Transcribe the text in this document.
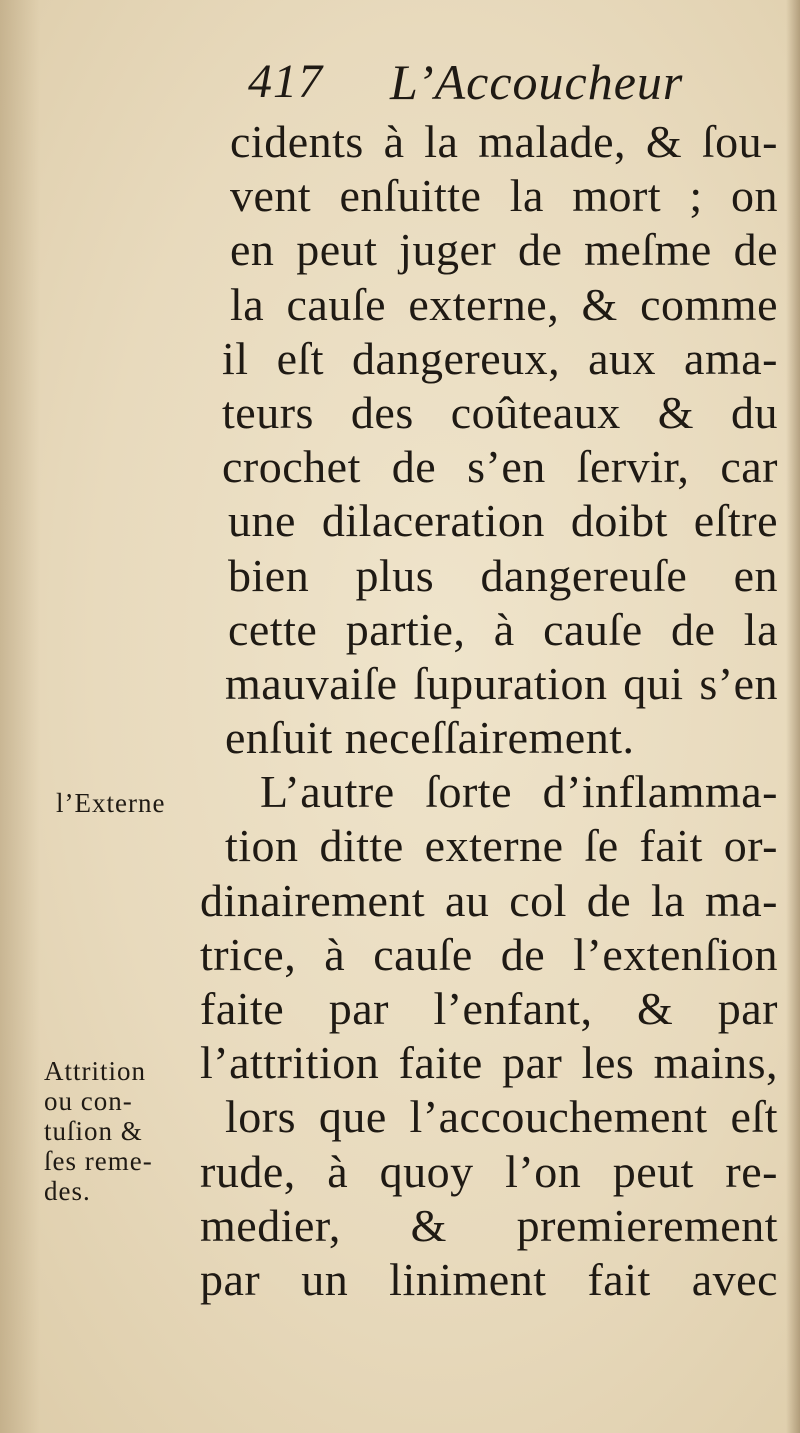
417 L’Accoucheur
cidents à la malade, & ſou-
vent enſuitte la mort ; on
en peut juger de meſme de
la cauſe externe, & comme
il eſt dangereux, aux ama-
teurs des coûteaux & du
crochet de s’en ſervir, car
une dilaceration doibt eſtre
bien plus dangereuſe en
cette partie, à cauſe de la
mauvaiſe ſupuration qui s’en
enſuit neceſſairement.
L’autre ſorte d’inflamma-
tion ditte externe ſe fait or-
dinairement au col de la ma-
trice, à cauſe de l’extenſion
faite par l’enfant, & par
l’attrition faite par les mains,
lors que l’accouchement eſt
rude, à quoy l’on peut re-
medier, & premierement
par un liniment fait avec
l’Externe
Attrition
ou con-
tuſion &
ſes reme-
des.
